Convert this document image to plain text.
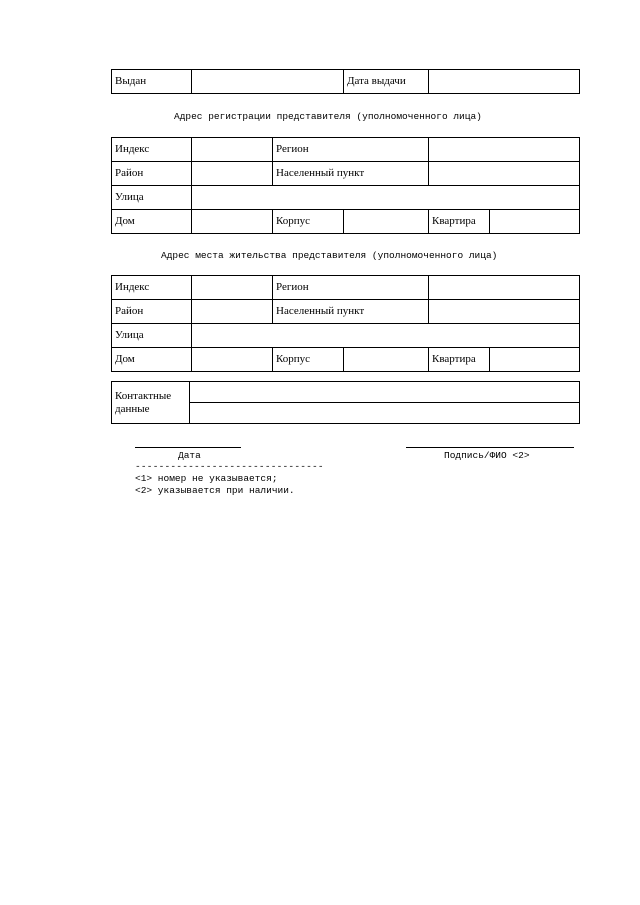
Выдан		Дата выдачи	
Адрес регистрации представителя (уполномоченного лица)
Индекс		Регион			
Район		Населенный пункт			
Улица					
Дом		Корпус		Квартира	
Адрес места жительства представителя (уполномоченного лица)
Индекс		Регион			
Район		Населенный пункт			
Улица					
Дом		Корпус		Квартира	
Контактные данные	

Дата	Подпись/ФИО <2>
--------------------------------
<1> номер не указывается;
<2> указывается при наличии.
